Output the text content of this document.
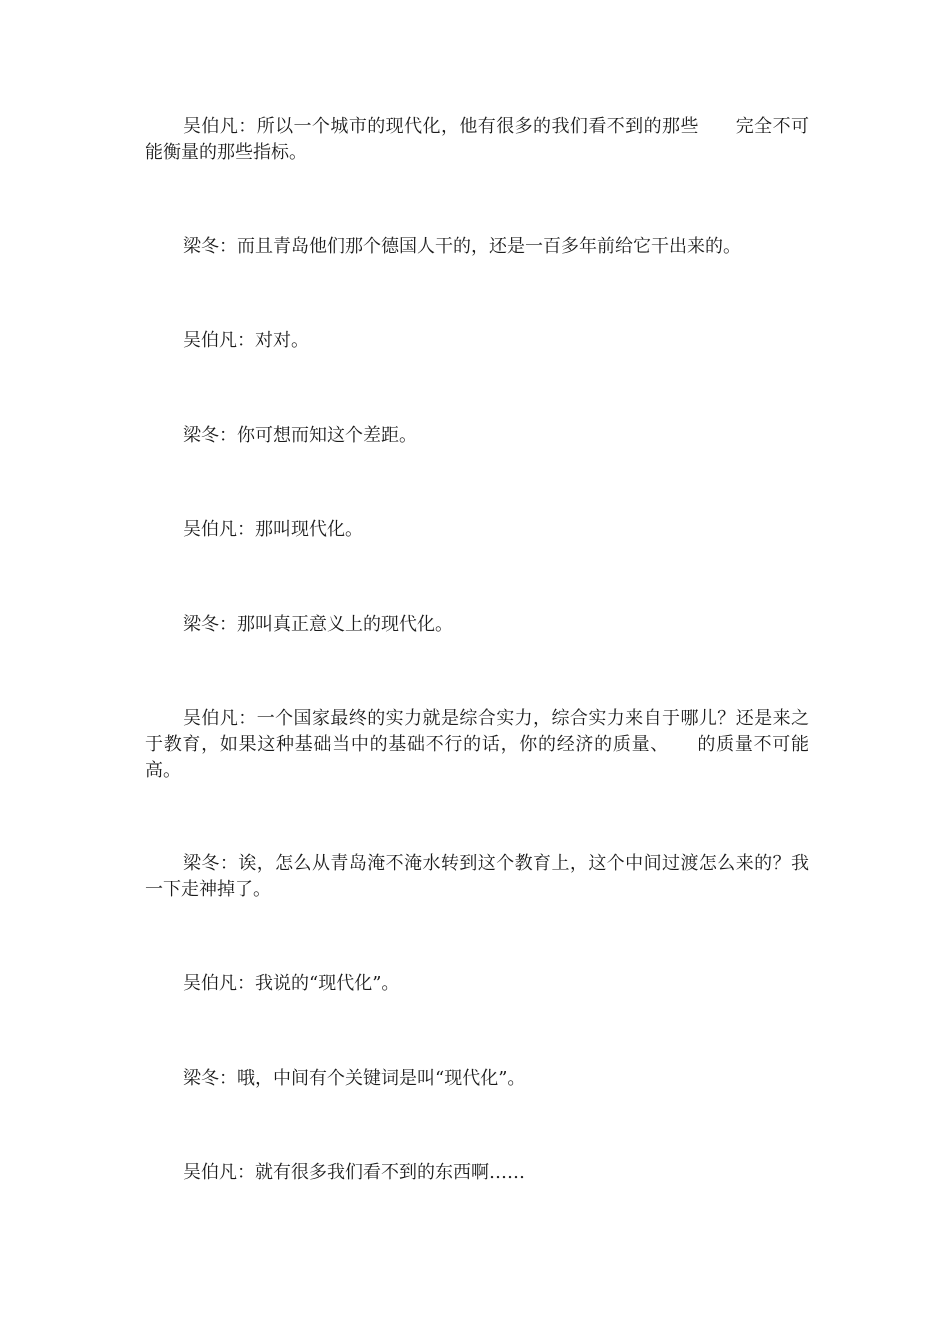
吴伯凡：所以一个城市的现代化，他有很多的我们看不到的那些　　完全不可能衡量的那些指标。

梁冬：而且青岛他们那个德国人干的，还是一百多年前给它干出来的。

吴伯凡：对对。

梁冬：你可想而知这个差距。

吴伯凡：那叫现代化。

梁冬：那叫真正意义上的现代化。

吴伯凡：一个国家最终的实力就是综合实力，综合实力来自于哪儿？还是来之于教育，如果这种基础当中的基础不行的话，你的经济的质量、　　的质量不可能高。

梁冬：诶，怎么从青岛淹不淹水转到这个教育上，这个中间过渡怎么来的？我一下走神掉了。

吴伯凡：我说的“现代化”。

梁冬：哦，中间有个关键词是叫“现代化”。

吴伯凡：就有很多我们看不到的东西啊……
